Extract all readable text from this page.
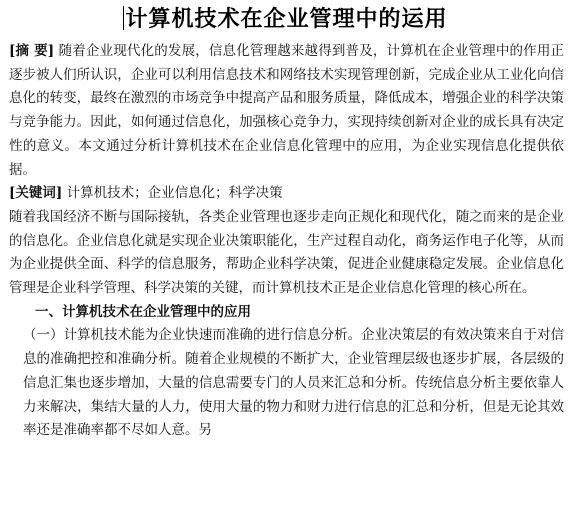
计算机技术在企业管理中的运用

[摘 要] 随着企业现代化的发展，信息化管理越来越得到普及，计算机在企业管理中的作用正逐步被人们所认识，企业可以利用信息技术和网络技术实现管理创新，完成企业从工业化向信息化的转变，最终在激烈的市场竞争中提高产品和服务质量，降低成本，增强企业的科学决策与竞争能力。因此，如何通过信息化，加强核心竞争力，实现持续创新对企业的成长具有决定性的意义。本文通过分析计算机技术在企业信息化管理中的应用，为企业实现信息化提供依据。

[关键词] 计算机技术；企业信息化；科学决策

随着我国经济不断与国际接轨，各类企业管理也逐步走向正规化和现代化，随之而来的是企业的信息化。企业信息化就是实现企业决策职能化，生产过程自动化，商务运作电子化等，从而为企业提供全面、科学的信息服务，帮助企业科学决策，促进企业健康稳定发展。企业信息化管理是企业科学管理、科学决策的关键，而计算机技术正是企业信息化管理的核心所在。

一、计算机技术在企业管理中的应用

（一）计算机技术能为企业快速而准确的进行信息分析。企业决策层的有效决策来自于对信息的准确把控和准确分析。随着企业规模的不断扩大，企业管理层级也逐步扩展，各层级的信息汇集也逐步增加，大量的信息需要专门的人员来汇总和分析。传统信息分析主要依靠人力来解决，集结大量的人力，使用大量的物力和财力进行信息的汇总和分析，但是无论其效率还是准确率都不尽如人意。另
